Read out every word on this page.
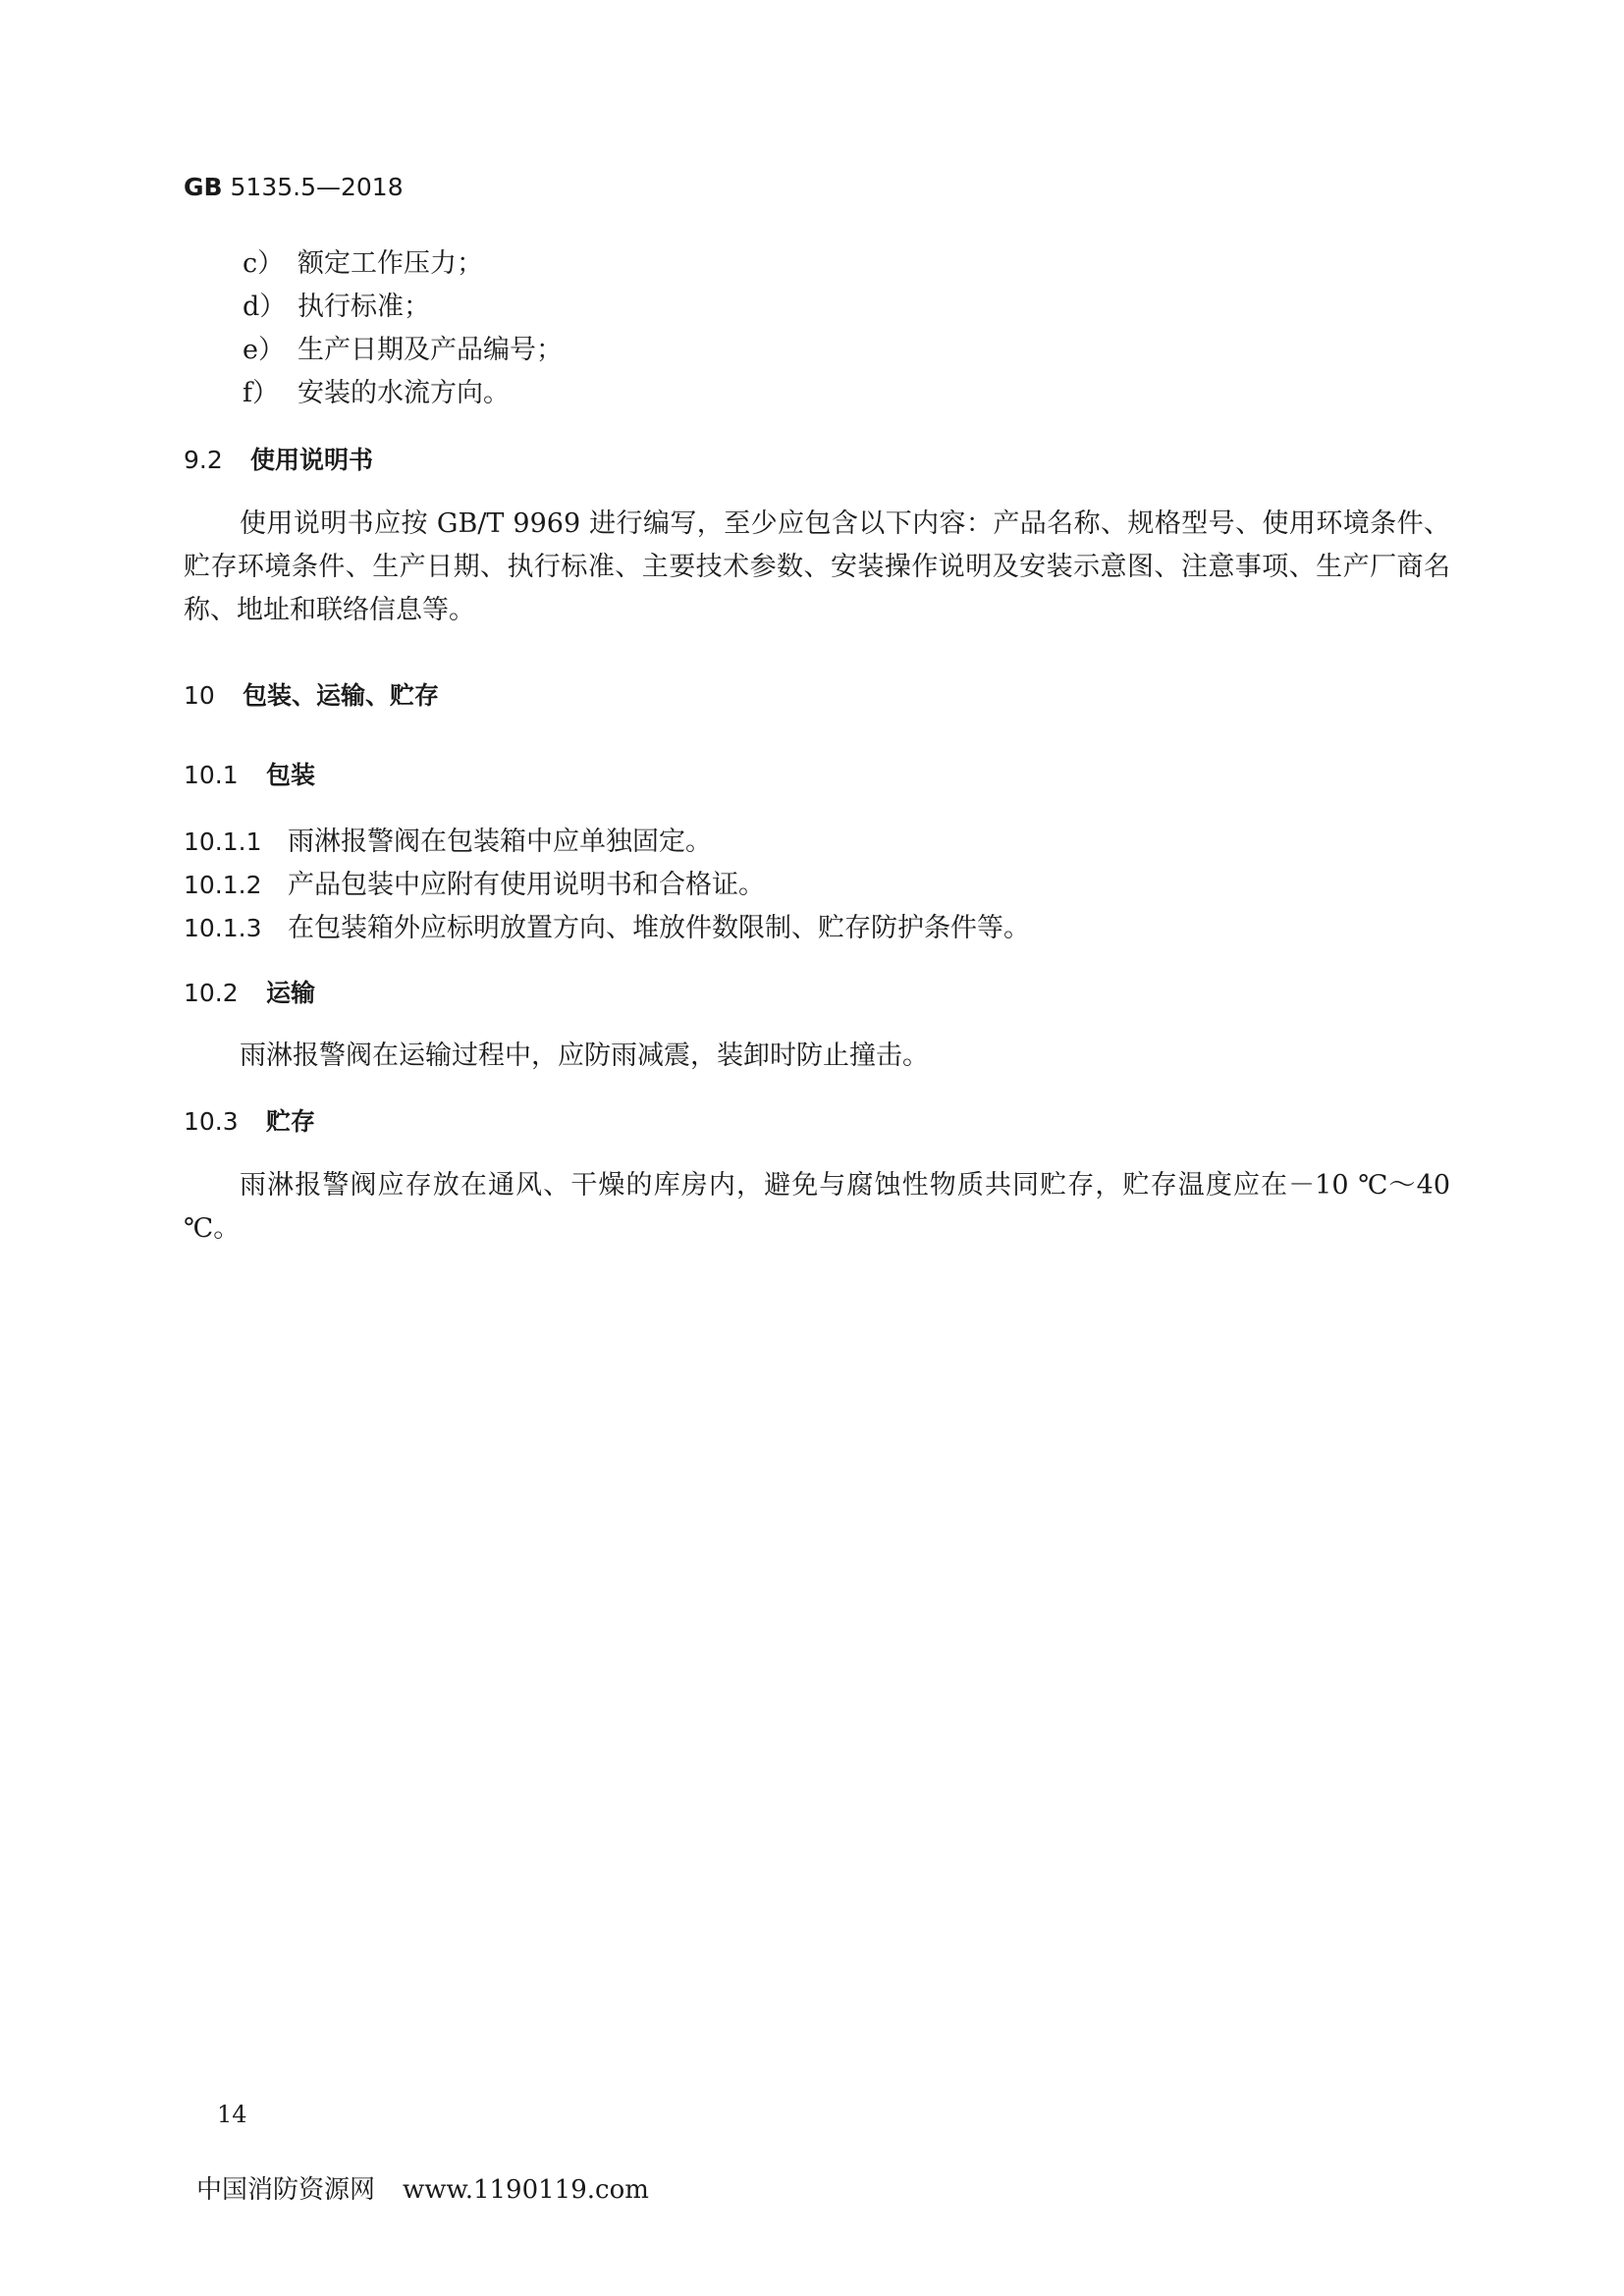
GB 5135.5—2018
c） 额定工作压力；
d） 执行标准；
e） 生产日期及产品编号；
f） 安装的水流方向。
9.2 使用说明书
使用说明书应按 GB/T 9969 进行编写，至少应包含以下内容：产品名称、规格型号、使用环境条件、贮存环境条件、生产日期、执行标准、主要技术参数、安装操作说明及安装示意图、注意事项、生产厂商名称、地址和联络信息等。
10 包装、运输、贮存
10.1 包装
10.1.1 雨淋报警阀在包装箱中应单独固定。
10.1.2 产品包装中应附有使用说明书和合格证。
10.1.3 在包装箱外应标明放置方向、堆放件数限制、贮存防护条件等。
10.2 运输
雨淋报警阀在运输过程中，应防雨减震，装卸时防止撞击。
10.3 贮存
雨淋报警阀应存放在通风、干燥的库房内，避免与腐蚀性物质共同贮存，贮存温度应在－10 ℃～40 ℃。
14
中国消防资源网 www.1190119.com
